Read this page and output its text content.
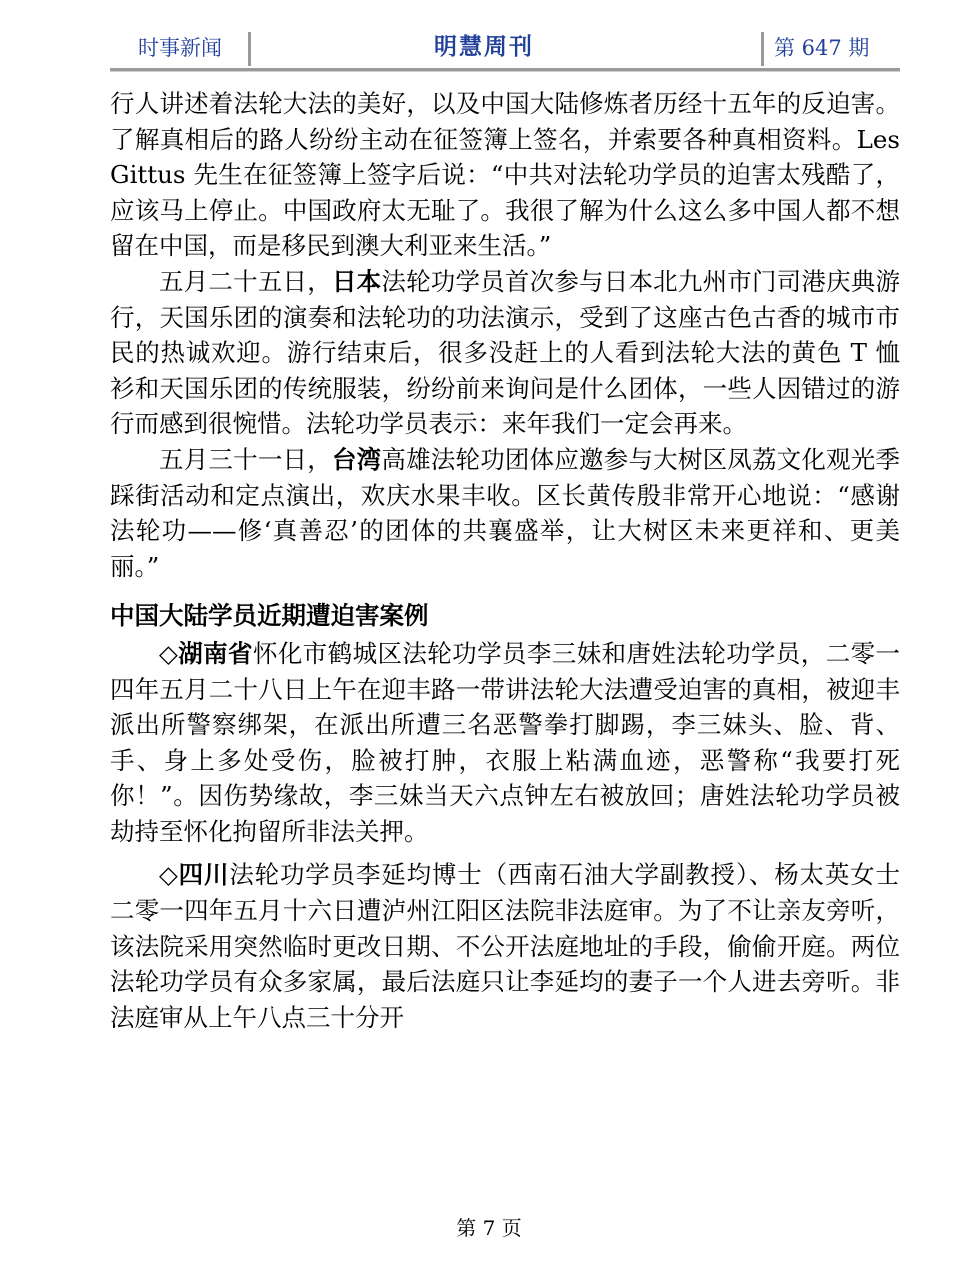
时事新闻	明慧周刊	第 647 期

行人讲述着法轮大法的美好，以及中国大陆修炼者历经十五年的反迫害。了解真相后的路人纷纷主动在征签簿上签名，并索要各种真相资料。Les Gittus 先生在征签簿上签字后说：“中共对法轮功学员的迫害太残酷了，应该马上停止。中国政府太无耻了。我很了解为什么这么多中国人都不想留在中国，而是移民到澳大利亚来生活。”

五月二十五日，日本法轮功学员首次参与日本北九州市门司港庆典游行，天国乐团的演奏和法轮功的功法演示，受到了这座古色古香的城市市民的热诚欢迎。游行结束后，很多没赶上的人看到法轮大法的黄色 T 恤衫和天国乐团的传统服装，纷纷前来询问是什么团体，一些人因错过的游行而感到很惋惜。法轮功学员表示：来年我们一定会再来。

五月三十一日，台湾高雄法轮功团体应邀参与大树区凤荔文化观光季踩街活动和定点演出，欢庆水果丰收。区长黄传殷非常开心地说：“感谢法轮功——修‘真善忍’的团体的共襄盛举，让大树区未来更祥和、更美丽。”

中国大陆学员近期遭迫害案例

◇湖南省怀化市鹤城区法轮功学员李三妹和唐姓法轮功学员，二零一四年五月二十八日上午在迎丰路一带讲法轮大法遭受迫害的真相，被迎丰派出所警察绑架，在派出所遭三名恶警拳打脚踢，李三妹头、脸、背、手、身上多处受伤，脸被打肿，衣服上粘满血迹，恶警称“我要打死你！”。因伤势缘故，李三妹当天六点钟左右被放回；唐姓法轮功学员被劫持至怀化拘留所非法关押。

◇四川法轮功学员李延均博士（西南石油大学副教授）、杨太英女士二零一四年五月十六日遭泸州江阳区法院非法庭审。为了不让亲友旁听，该法院采用突然临时更改日期、不公开法庭地址的手段，偷偷开庭。两位法轮功学员有众多家属，最后法庭只让李延均的妻子一个人进去旁听。非法庭审从上午八点三十分开

第 7 页
